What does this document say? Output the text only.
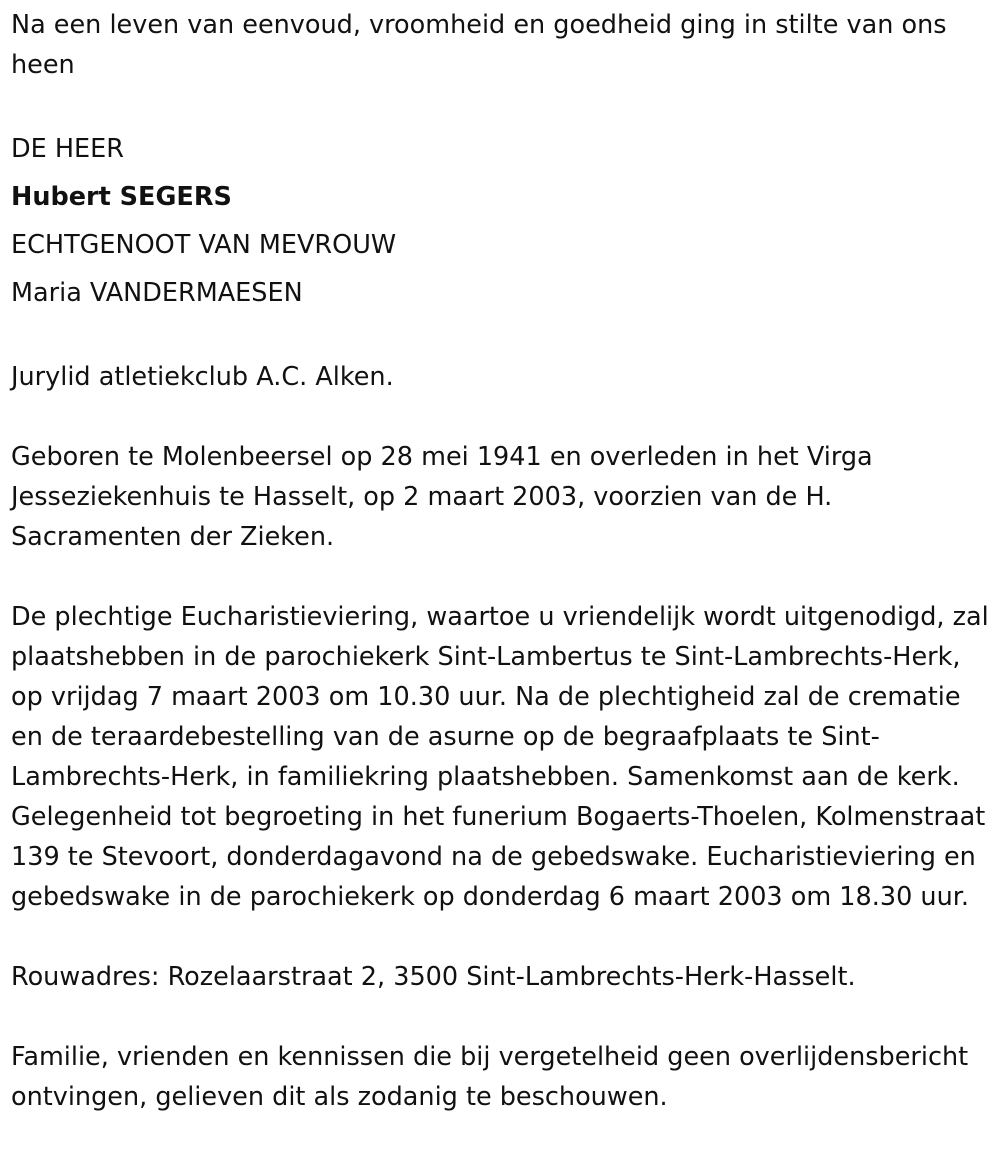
Na een leven van eenvoud, vroomheid en goedheid ging in stilte van ons heen

DE HEER

Hubert SEGERS

ECHTGENOOT VAN MEVROUW

Maria VANDERMAESEN

Jurylid atletiekclub A.C. Alken.

Geboren te Molenbeersel op 28 mei 1941 en overleden in het Virga Jesseziekenhuis te Hasselt, op 2 maart 2003, voorzien van de H. Sacramenten der Zieken.

De plechtige Eucharistieviering, waartoe u vriendelijk wordt uitgenodigd, zal plaatshebben in de parochiekerk Sint-Lambertus te Sint-Lambrechts-Herk, op vrijdag 7 maart 2003 om 10.30 uur. Na de plechtigheid zal de crematie en de teraardebestelling van de asurne op de begraafplaats te Sint-Lambrechts-Herk, in familiekring plaatshebben. Samenkomst aan de kerk. Gelegenheid tot begroeting in het funerium Bogaerts-Thoelen, Kolmenstraat 139 te Stevoort, donderdagavond na de gebedswake. Eucharistieviering en gebedswake in de parochiekerk op donderdag 6 maart 2003 om 18.30 uur.

Rouwadres: Rozelaarstraat 2, 3500 Sint-Lambrechts-Herk-Hasselt.

Familie, vrienden en kennissen die bij vergetelheid geen overlijdensbericht ontvingen, gelieven dit als zodanig te beschouwen.
